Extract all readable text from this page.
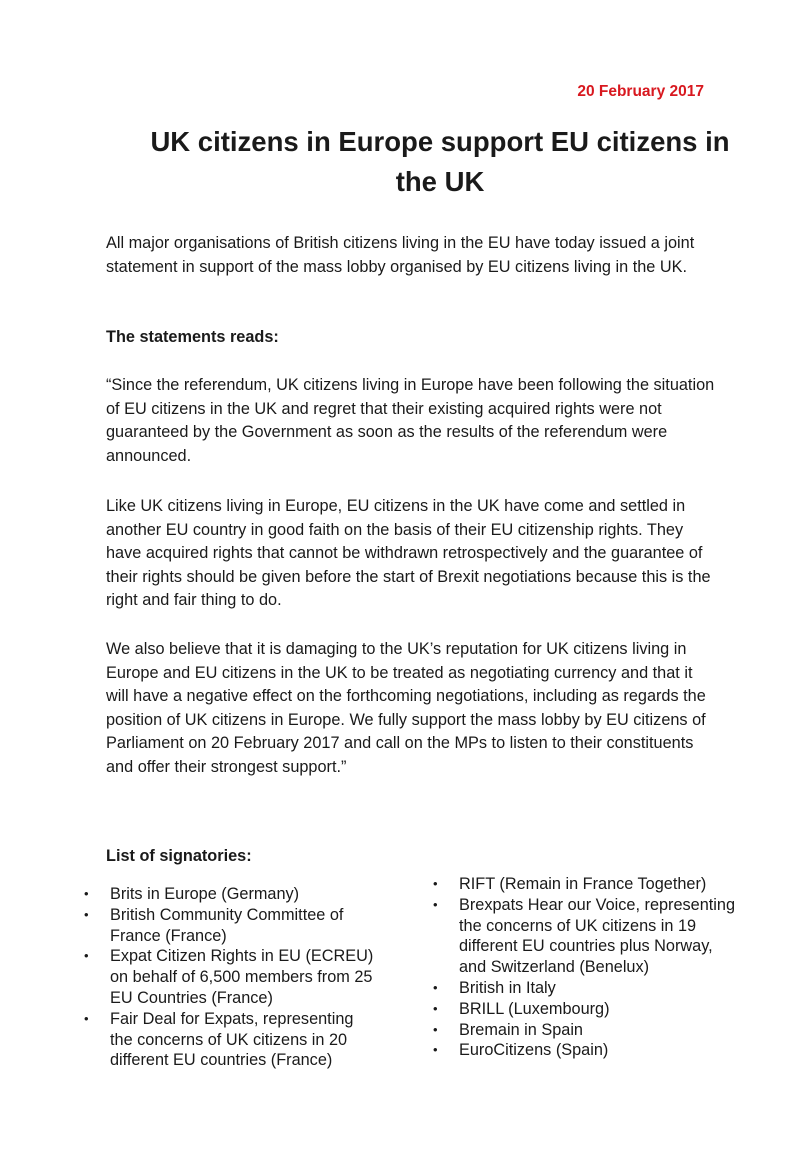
20 February 2017
UK citizens in Europe support EU citizens in the UK

All major organisations of British citizens living in the EU have today issued a joint statement in support of the mass lobby organised by EU citizens living in the UK.

The statements reads:

“Since the referendum, UK citizens living in Europe have been following the situation of EU citizens in the UK and regret that their existing acquired rights were not guaranteed by the Government as soon as the results of the referendum were announced.

Like UK citizens living in Europe, EU citizens in the UK have come and settled in another EU country in good faith on the basis of their EU citizenship rights. They have acquired rights that cannot be withdrawn retrospectively and the guarantee of their rights should be given before the start of Brexit negotiations because this is the right and fair thing to do.

We also believe that it is damaging to the UK’s reputation for UK citizens living in Europe and EU citizens in the UK to be treated as negotiating currency and that it will have a negative effect on the forthcoming negotiations, including as regards the position of UK citizens in Europe. We fully support the mass lobby by EU citizens of Parliament on 20 February 2017 and call on the MPs to listen to their constituents and offer their strongest support.”

List of signatories:

• Brits in Europe (Germany)
• British Community Committee of France (France)
• Expat Citizen Rights in EU (ECREU) on behalf of 6,500 members from 25 EU Countries (France)
• Fair Deal for Expats, representing the concerns of UK citizens in 20 different EU countries (France)
• RIFT (Remain in France Together)
• Brexpats Hear our Voice, representing the concerns of UK citizens in 19 different EU countries plus Norway, and Switzerland (Benelux)
• British in Italy
• BRILL (Luxembourg)
• Bremain in Spain
• EuroCitizens (Spain)
